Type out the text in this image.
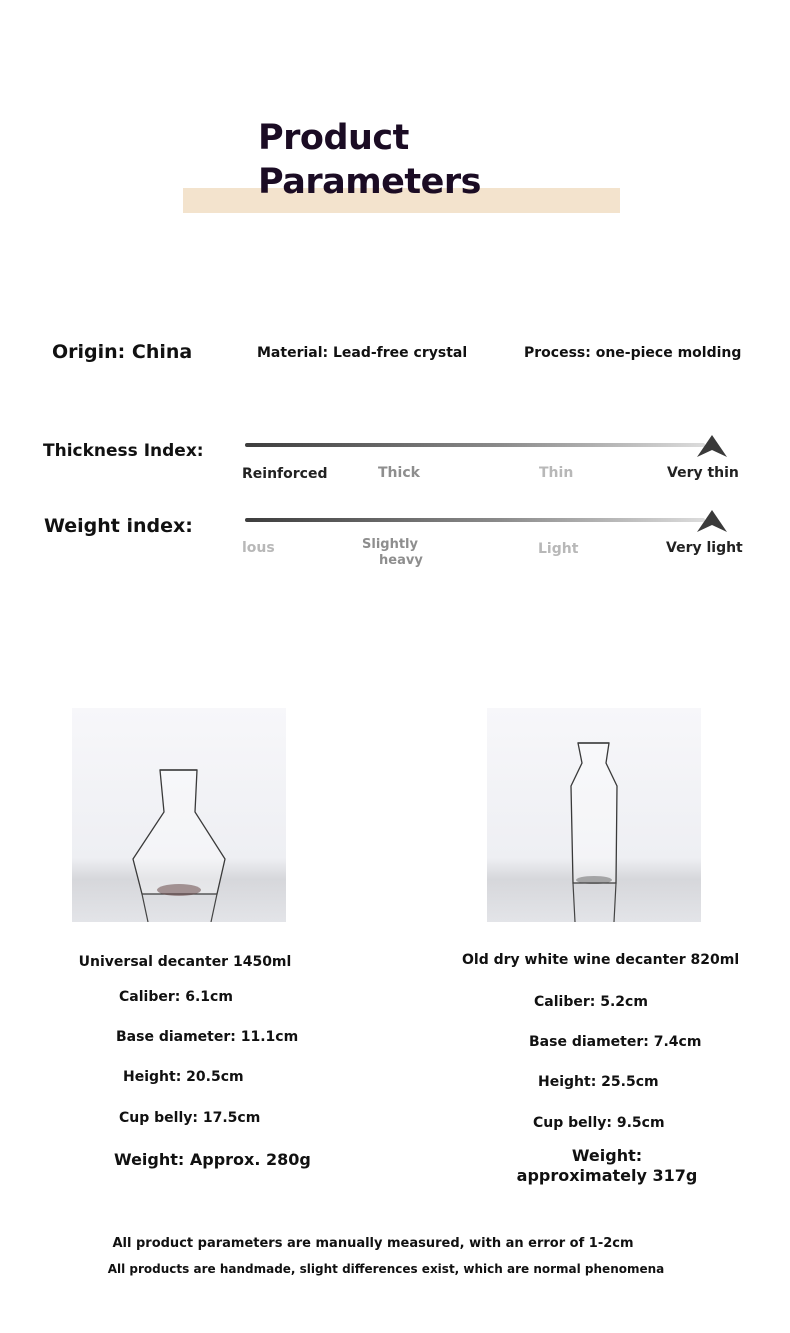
Product
Parameters
Origin: China	Material: Lead-free crystal	Process: one-piece molding
Thickness Index:
Reinforced	Thick	Thin	Very thin
Weight index:
lous	Slightly
heavy
Light	Very light
Universal decanter 1450ml
Caliber: 6.1cm
Base diameter: 11.1cm
Height: 20.5cm
Cup belly: 17.5cm
Weight: Approx. 280g
Old dry white wine decanter 820ml
Caliber: 5.2cm
Base diameter: 7.4cm
Height: 25.5cm
Cup belly: 9.5cm
Weight:
approximately 317g
All product parameters are manually measured, with an error of 1-2cm
All products are handmade, slight differences exist, which are normal phenomena
